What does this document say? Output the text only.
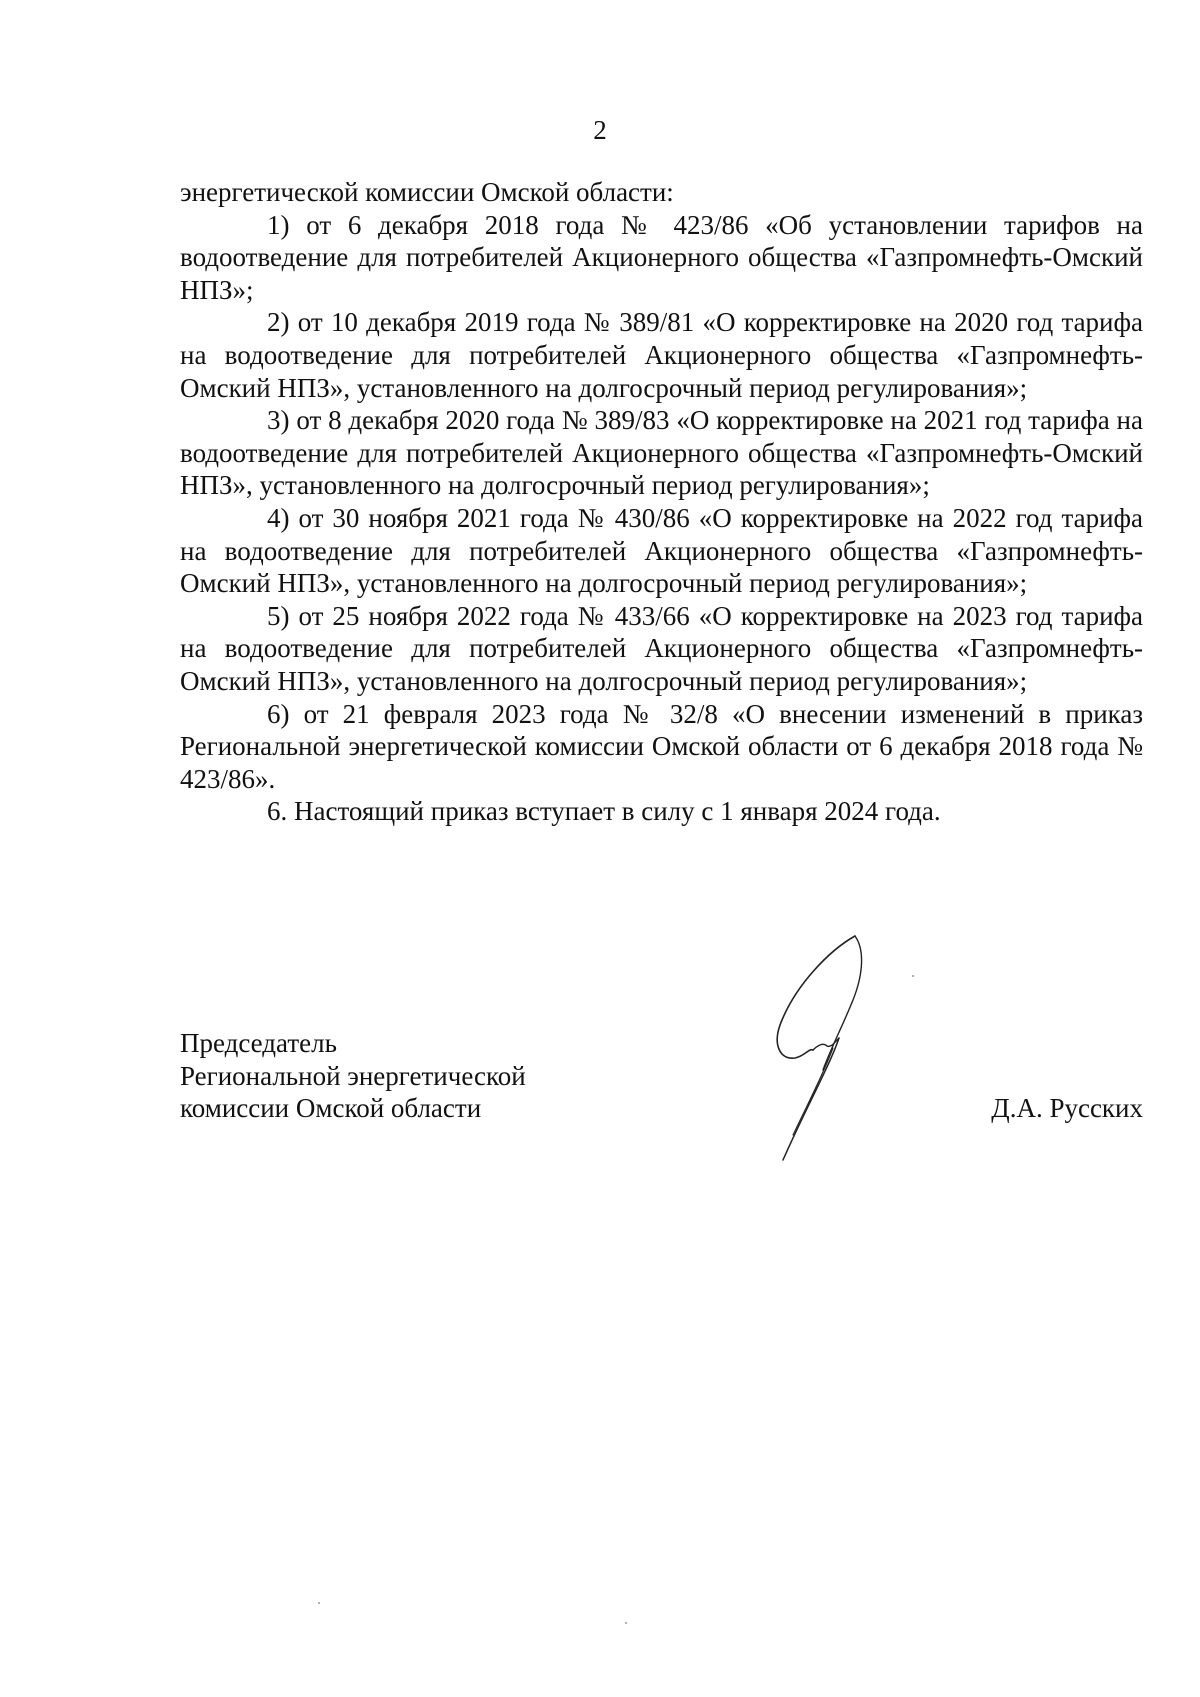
2

энергетической комиссии Омской области:

1) от 6 декабря 2018 года № 423/86 «Об установлении тарифов на водоотведение для потребителей Акционерного общества «Газпромнефть-Омский НПЗ»;

2) от 10 декабря 2019 года № 389/81 «О корректировке на 2020 год тарифа на водоотведение для потребителей Акционерного общества «Газпромнефть-Омский НПЗ», установленного на долгосрочный период регулирования»;

3) от 8 декабря 2020 года № 389/83 «О корректировке на 2021 год тарифа на водоотведение для потребителей Акционерного общества «Газпромнефть-Омский НПЗ», установленного на долгосрочный период регулирования»;

4) от 30 ноября 2021 года № 430/86 «О корректировке на 2022 год тарифа на водоотведение для потребителей Акционерного общества «Газпромнефть-Омский НПЗ», установленного на долгосрочный период регулирования»;

5) от 25 ноября 2022 года № 433/66 «О корректировке на 2023 год тарифа на водоотведение для потребителей Акционерного общества «Газпромнефть-Омский НПЗ», установленного на долгосрочный период регулирования»;

6) от 21 февраля 2023 года № 32/8 «О внесении изменений в приказ Региональной энергетической комиссии Омской области от 6 декабря 2018 года № 423/86».

6. Настоящий приказ вступает в силу с 1 января 2024 года.

Председатель
Региональной энергетической
комиссии Омской области	Д.А. Русских
